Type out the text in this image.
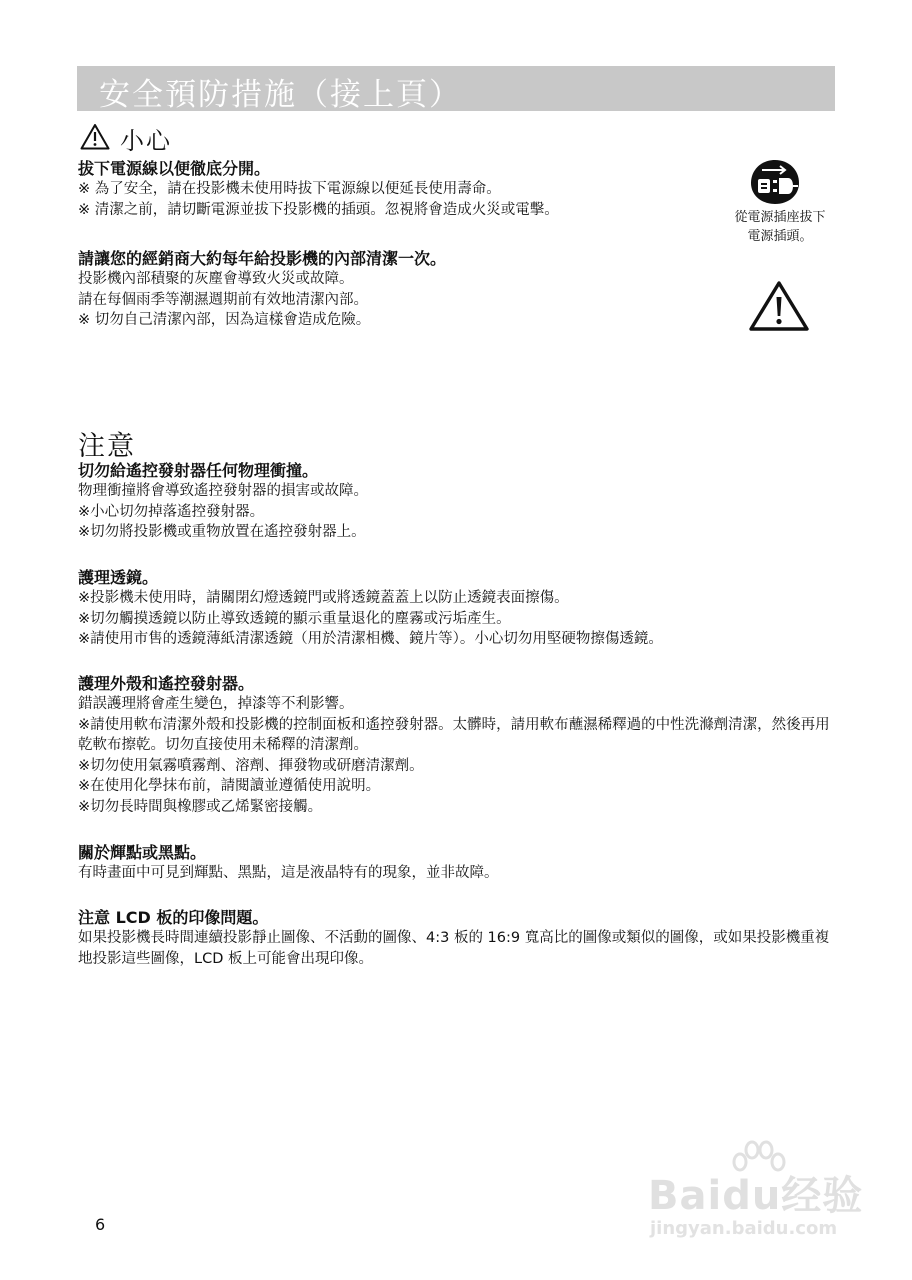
安全預防措施（接上頁）
小心
拔下電源線以便徹底分開。
※ 為了安全，請在投影機未使用時拔下電源線以便延長使用壽命。
※ 清潔之前，請切斷電源並拔下投影機的插頭。忽視將會造成火災或電擊。
請讓您的經銷商大約每年給投影機的內部清潔一次。
投影機內部積聚的灰塵會導致火災或故障。
請在每個雨季等潮濕週期前有效地清潔內部。
※ 切勿自己清潔內部，因為這樣會造成危險。
從電源插座拔下
電源插頭。
注意
切勿給遙控發射器任何物理衝撞。
物理衝撞將會導致遙控發射器的損害或故障。
※小心切勿掉落遙控發射器。
※切勿將投影機或重物放置在遙控發射器上。
護理透鏡。
※投影機未使用時，請關閉幻燈透鏡門或將透鏡蓋蓋上以防止透鏡表面擦傷。
※切勿觸摸透鏡以防止導致透鏡的顯示重量退化的塵霧或污垢產生。
※請使用市售的透鏡薄紙清潔透鏡（用於清潔相機、鏡片等）。小心切勿用堅硬物擦傷透鏡。
護理外殼和遙控發射器。
錯誤護理將會產生變色，掉漆等不利影響。
※請使用軟布清潔外殼和投影機的控制面板和遙控發射器。太髒時，請用軟布蘸濕稀釋過的中性洗滌劑清潔，然後再用乾軟布擦乾。切勿直接使用未稀釋的清潔劑。
※切勿使用氣霧噴霧劑、溶劑、揮發物或研磨清潔劑。
※在使用化學抹布前，請閱讀並遵循使用說明。
※切勿長時間與橡膠或乙烯緊密接觸。
關於輝點或黑點。
有時畫面中可見到輝點、黑點，這是液晶特有的現象，並非故障。
注意 LCD 板的印像問題。
如果投影機長時間連續投影靜止圖像、不活動的圖像、4:3 板的 16:9 寬高比的圖像或類似的圖像，或如果投影機重複地投影這些圖像，LCD 板上可能會出現印像。
6
Baidu经验
jingyan.baidu.com
